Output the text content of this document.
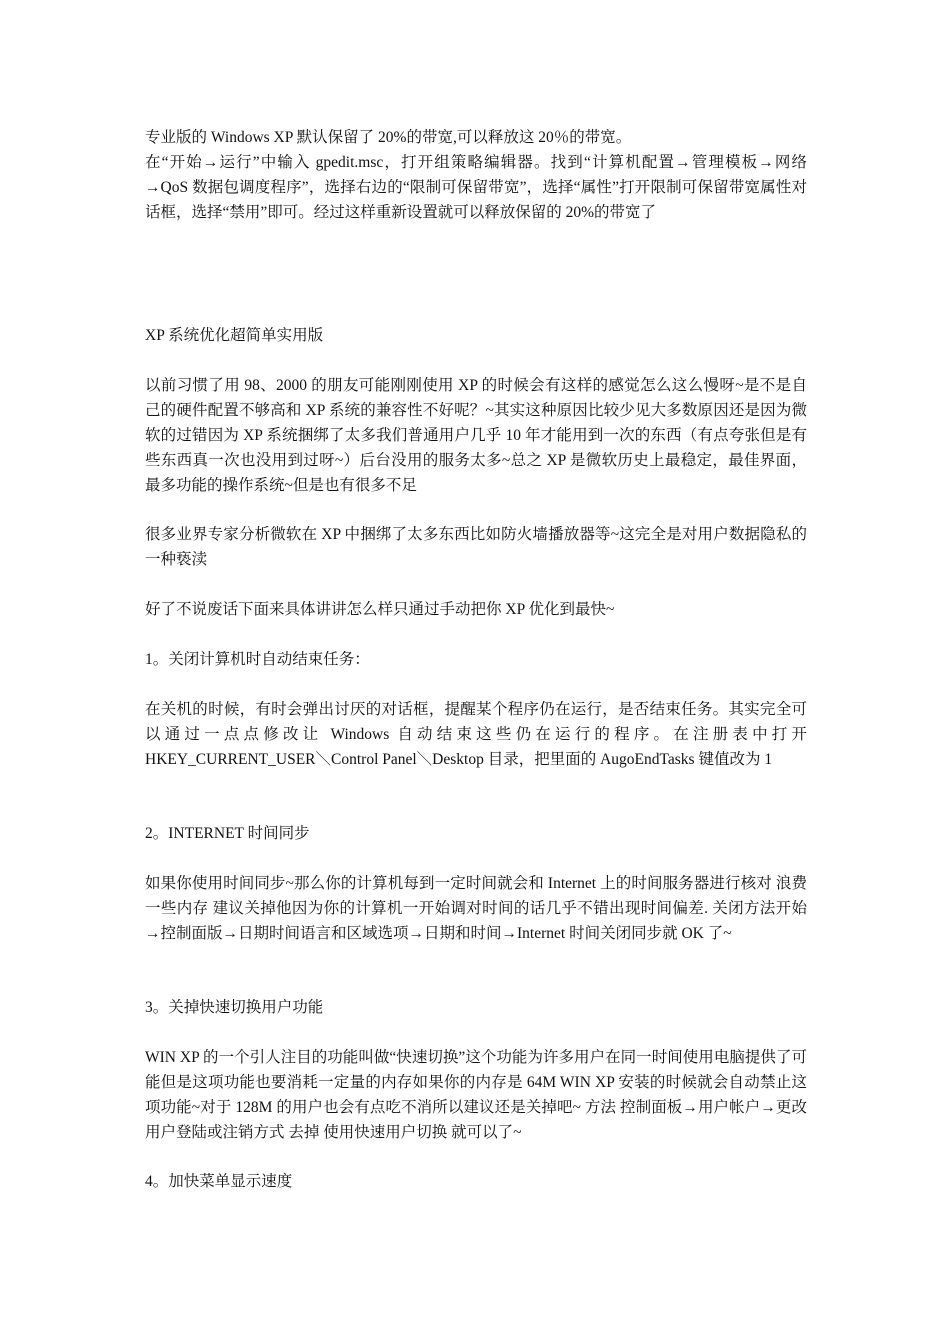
专业版的 Windows XP 默认保留了 20%的带宽,可以释放这 20％的带宽。

在“开始→运行”中输入 gpedit.msc，打开组策略编辑器。找到“计算机配置→管理模板→网络→QoS 数据包调度程序”，选择右边的“限制可保留带宽”，选择“属性”打开限制可保留带宽属性对话框，选择“禁用”即可。经过这样重新设置就可以释放保留的 20%的带宽了

XP 系统优化超简单实用版

以前习惯了用 98、2000 的朋友可能刚刚使用 XP 的时候会有这样的感觉怎么这么慢呀~是不是自己的硬件配置不够高和 XP 系统的兼容性不好呢？~其实这种原因比较少见大多数原因还是因为微软的过错因为 XP 系统捆绑了太多我们普通用户几乎 10 年才能用到一次的东西（有点夸张但是有些东西真一次也没用到过呀~）后台没用的服务太多~总之 XP 是微软历史上最稳定，最佳界面，最多功能的操作系统~但是也有很多不足

很多业界专家分析微软在 XP 中捆绑了太多东西比如防火墙播放器等~这完全是对用户数据隐私的一种亵渎

好了不说废话下面来具体讲讲怎么样只通过手动把你 XP 优化到最快~

1。关闭计算机时自动结束任务：

在关机的时候，有时会弹出讨厌的对话框，提醒某个程序仍在运行，是否结束任务。其实完全可以通过一点点修改让 Windows 自动结束这些仍在运行的程序。在注册表中打开HKEY_CURRENT_USER＼Control Panel＼Desktop 目录，把里面的 AugoEndTasks 键值改为 1

2。INTERNET 时间同步

如果你使用时间同步~那么你的计算机每到一定时间就会和 Internet 上的时间服务器进行核对 浪费一些内存 建议关掉他因为你的计算机一开始调对时间的话几乎不错出现时间偏差. 关闭方法开始→控制面版→日期时间语言和区域选项→日期和时间→Internet 时间关闭同步就 OK 了~

3。关掉快速切换用户功能

WIN XP 的一个引人注目的功能叫做“快速切换”这个功能为许多用户在同一时间使用电脑提供了可能但是这项功能也要消耗一定量的内存如果你的内存是 64M WIN XP 安装的时候就会自动禁止这项功能~对于 128M 的用户也会有点吃不消所以建议还是关掉吧~ 方法 控制面板→用户帐户→更改用户登陆或注销方式 去掉 使用快速用户切换 就可以了~

4。加快菜单显示速度
